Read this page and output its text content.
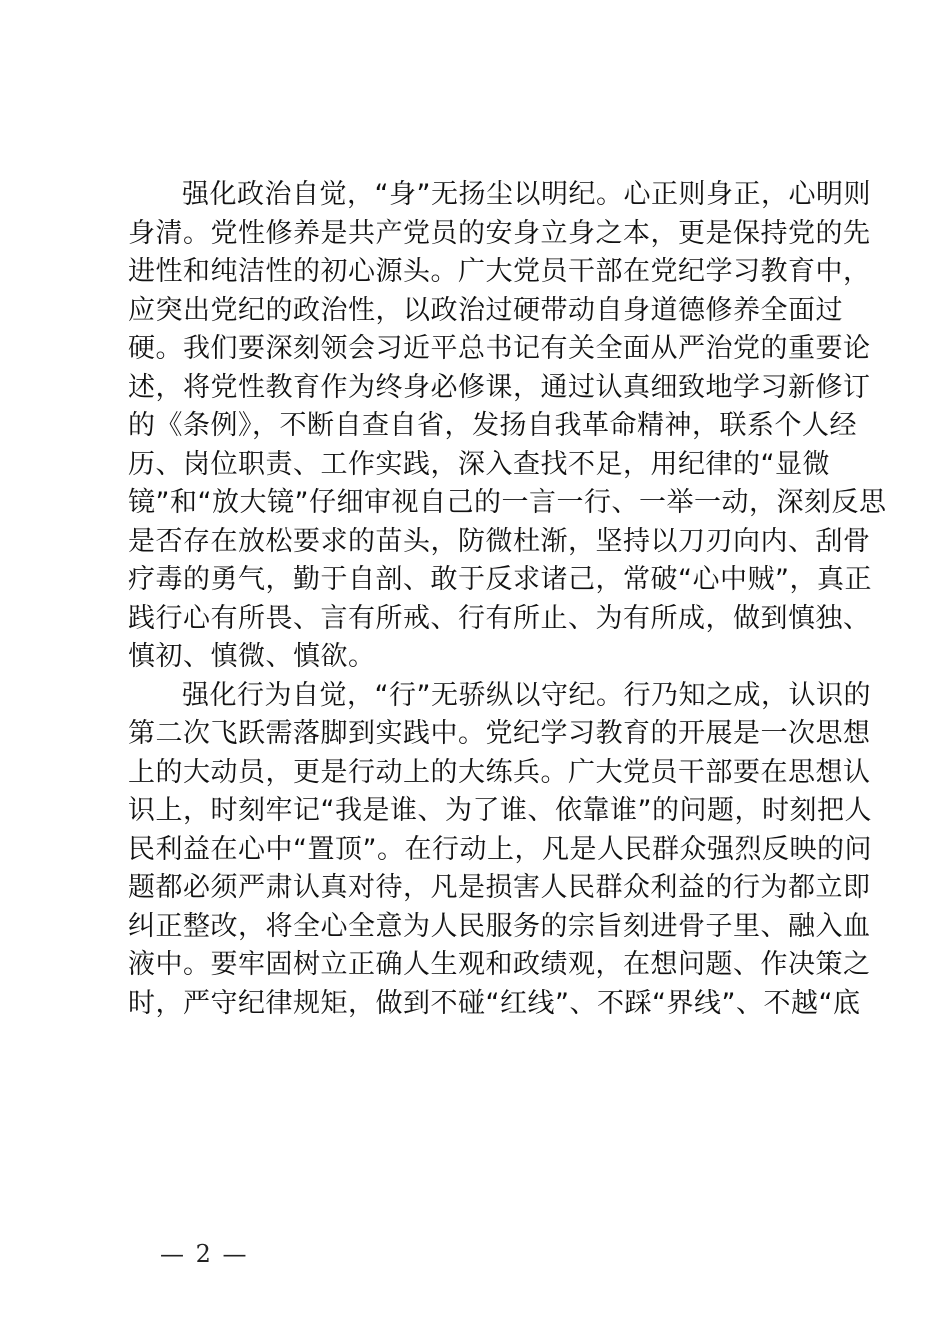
强化政治自觉，“身”无扬尘以明纪。心正则身正，心明则
身清。党性修养是共产党员的安身立身之本，更是保持党的先
进性和纯洁性的初心源头。广大党员干部在党纪学习教育中，
应突出党纪的政治性，以政治过硬带动自身道德修养全面过
硬。我们要深刻领会习近平总书记有关全面从严治党的重要论
述，将党性教育作为终身必修课，通过认真细致地学习新修订
的《条例》，不断自查自省，发扬自我革命精神，联系个人经
历、岗位职责、工作实践，深入查找不足，用纪律的“显微
镜”和“放大镜”仔细审视自己的一言一行、一举一动，深刻反思
是否存在放松要求的苗头，防微杜渐，坚持以刀刃向内、刮骨
疗毒的勇气，勤于自剖、敢于反求诸己，常破“心中贼”，真正
践行心有所畏、言有所戒、行有所止、为有所成，做到慎独、
慎初、慎微、慎欲。
强化行为自觉，“行”无骄纵以守纪。行乃知之成，认识的
第二次飞跃需落脚到实践中。党纪学习教育的开展是一次思想
上的大动员，更是行动上的大练兵。广大党员干部要在思想认
识上，时刻牢记“我是谁、为了谁、依靠谁”的问题，时刻把人
民利益在心中“置顶”。在行动上，凡是人民群众强烈反映的问
题都必须严肃认真对待，凡是损害人民群众利益的行为都立即
纠正整改，将全心全意为人民服务的宗旨刻进骨子里、融入血
液中。要牢固树立正确人生观和政绩观，在想问题、作决策之
时，严守纪律规矩，做到不碰“红线”、不踩“界线”、不越“底
— 2 —
